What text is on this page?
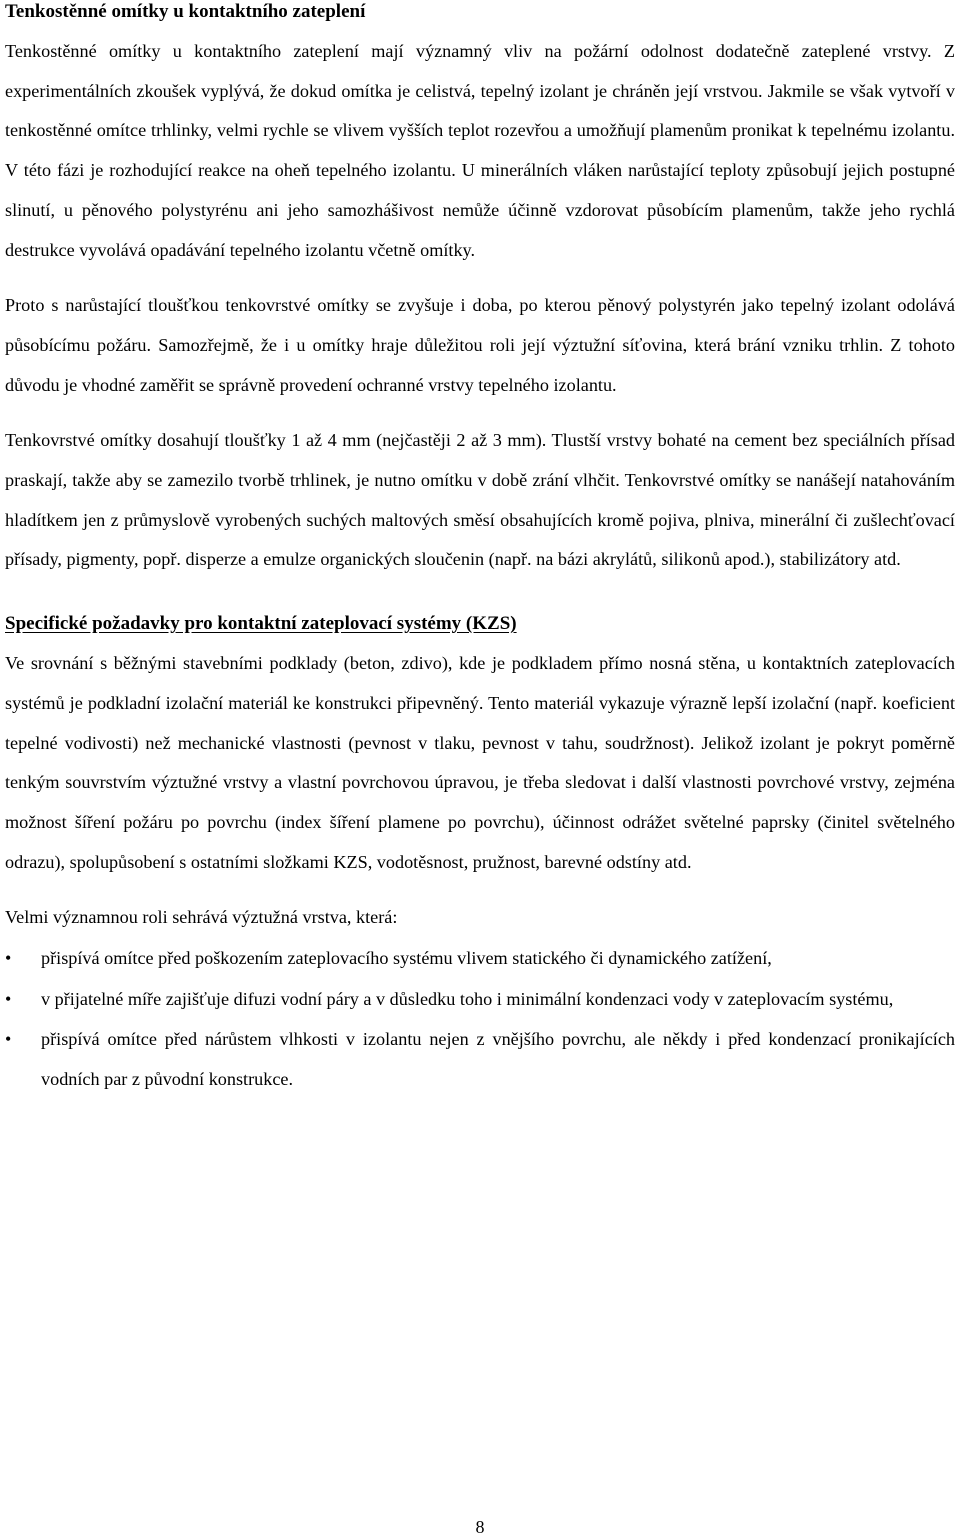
Tenkostěnné omítky u kontaktního zateplení

Tenkostěnné omítky u kontaktního zateplení mají významný vliv na požární odolnost dodatečně zateplené vrstvy. Z experimentálních zkoušek vyplývá, že dokud omítka je celistvá, tepelný izolant je chráněn její vrstvou. Jakmile se však vytvoří v tenkostěnné omítce trhlinky, velmi rychle se vlivem vyšších teplot rozevřou a umožňují plamenům pronikat k tepelnému izolantu. V této fázi je rozhodující reakce na oheň tepelného izolantu. U minerálních vláken narůstající teploty způsobují jejich postupné slinutí, u pěnového polystyrénu ani jeho samozhášivost nemůže účinně vzdorovat působícím plamenům, takže jeho rychlá destrukce vyvolává opadávání tepelného izolantu včetně omítky.

Proto s narůstající tloušťkou tenkovrstvé omítky se zvyšuje i doba, po kterou pěnový polystyrén jako tepelný izolant odolává působícímu požáru. Samozřejmě, že i u omítky hraje důležitou roli její výztužní síťovina, která brání vzniku trhlin. Z tohoto důvodu je vhodné zaměřit se správně provedení ochranné vrstvy tepelného izolantu.

Tenkovrstvé omítky dosahují tloušťky 1 až 4 mm (nejčastěji 2 až 3 mm). Tlustší vrstvy bohaté na cement bez speciálních přísad praskají, takže aby se zamezilo tvorbě trhlinek, je nutno omítku v době zrání vlhčit. Tenkovrstvé omítky se nanášejí natahováním hladítkem jen z průmyslově vyrobených suchých maltových směsí obsahujících kromě pojiva, plniva, minerální či zušlechťovací přísady, pigmenty, popř. disperze a emulze organických sloučenin (např. na bázi akrylátů, silikonů apod.), stabilizátory atd.

Specifické požadavky pro kontaktní zateplovací systémy (KZS)

Ve srovnání s běžnými stavebními podklady (beton, zdivo), kde je podkladem přímo nosná stěna, u kontaktních zateplovacích systémů je podkladní izolační materiál ke konstrukci připevněný. Tento materiál vykazuje výrazně lepší izolační (např. koeficient tepelné vodivosti) než mechanické vlastnosti (pevnost v tlaku, pevnost v tahu, soudržnost). Jelikož izolant je pokryt poměrně tenkým souvrstvím výztužné vrstvy a vlastní povrchovou úpravou, je třeba sledovat i další vlastnosti povrchové vrstvy, zejména možnost šíření požáru po povrchu (index šíření plamene po povrchu), účinnost odrážet světelné paprsky (činitel světelného odrazu), spolupůsobení s ostatními složkami KZS, vodotěsnost, pružnost, barevné odstíny atd.

Velmi významnou roli sehrává výztužná vrstva, která:

• přispívá omítce před poškozením zateplovacího systému vlivem statického či dynamického zatížení,
• v přijatelné míře zajišťuje difuzi vodní páry a v důsledku toho i minimální kondenzaci vody v zateplovacím systému,
• přispívá omítce před nárůstem vlhkosti v izolantu nejen z vnějšího povrchu, ale někdy i před kondenzací pronikajících vodních par z původní konstrukce.
8
